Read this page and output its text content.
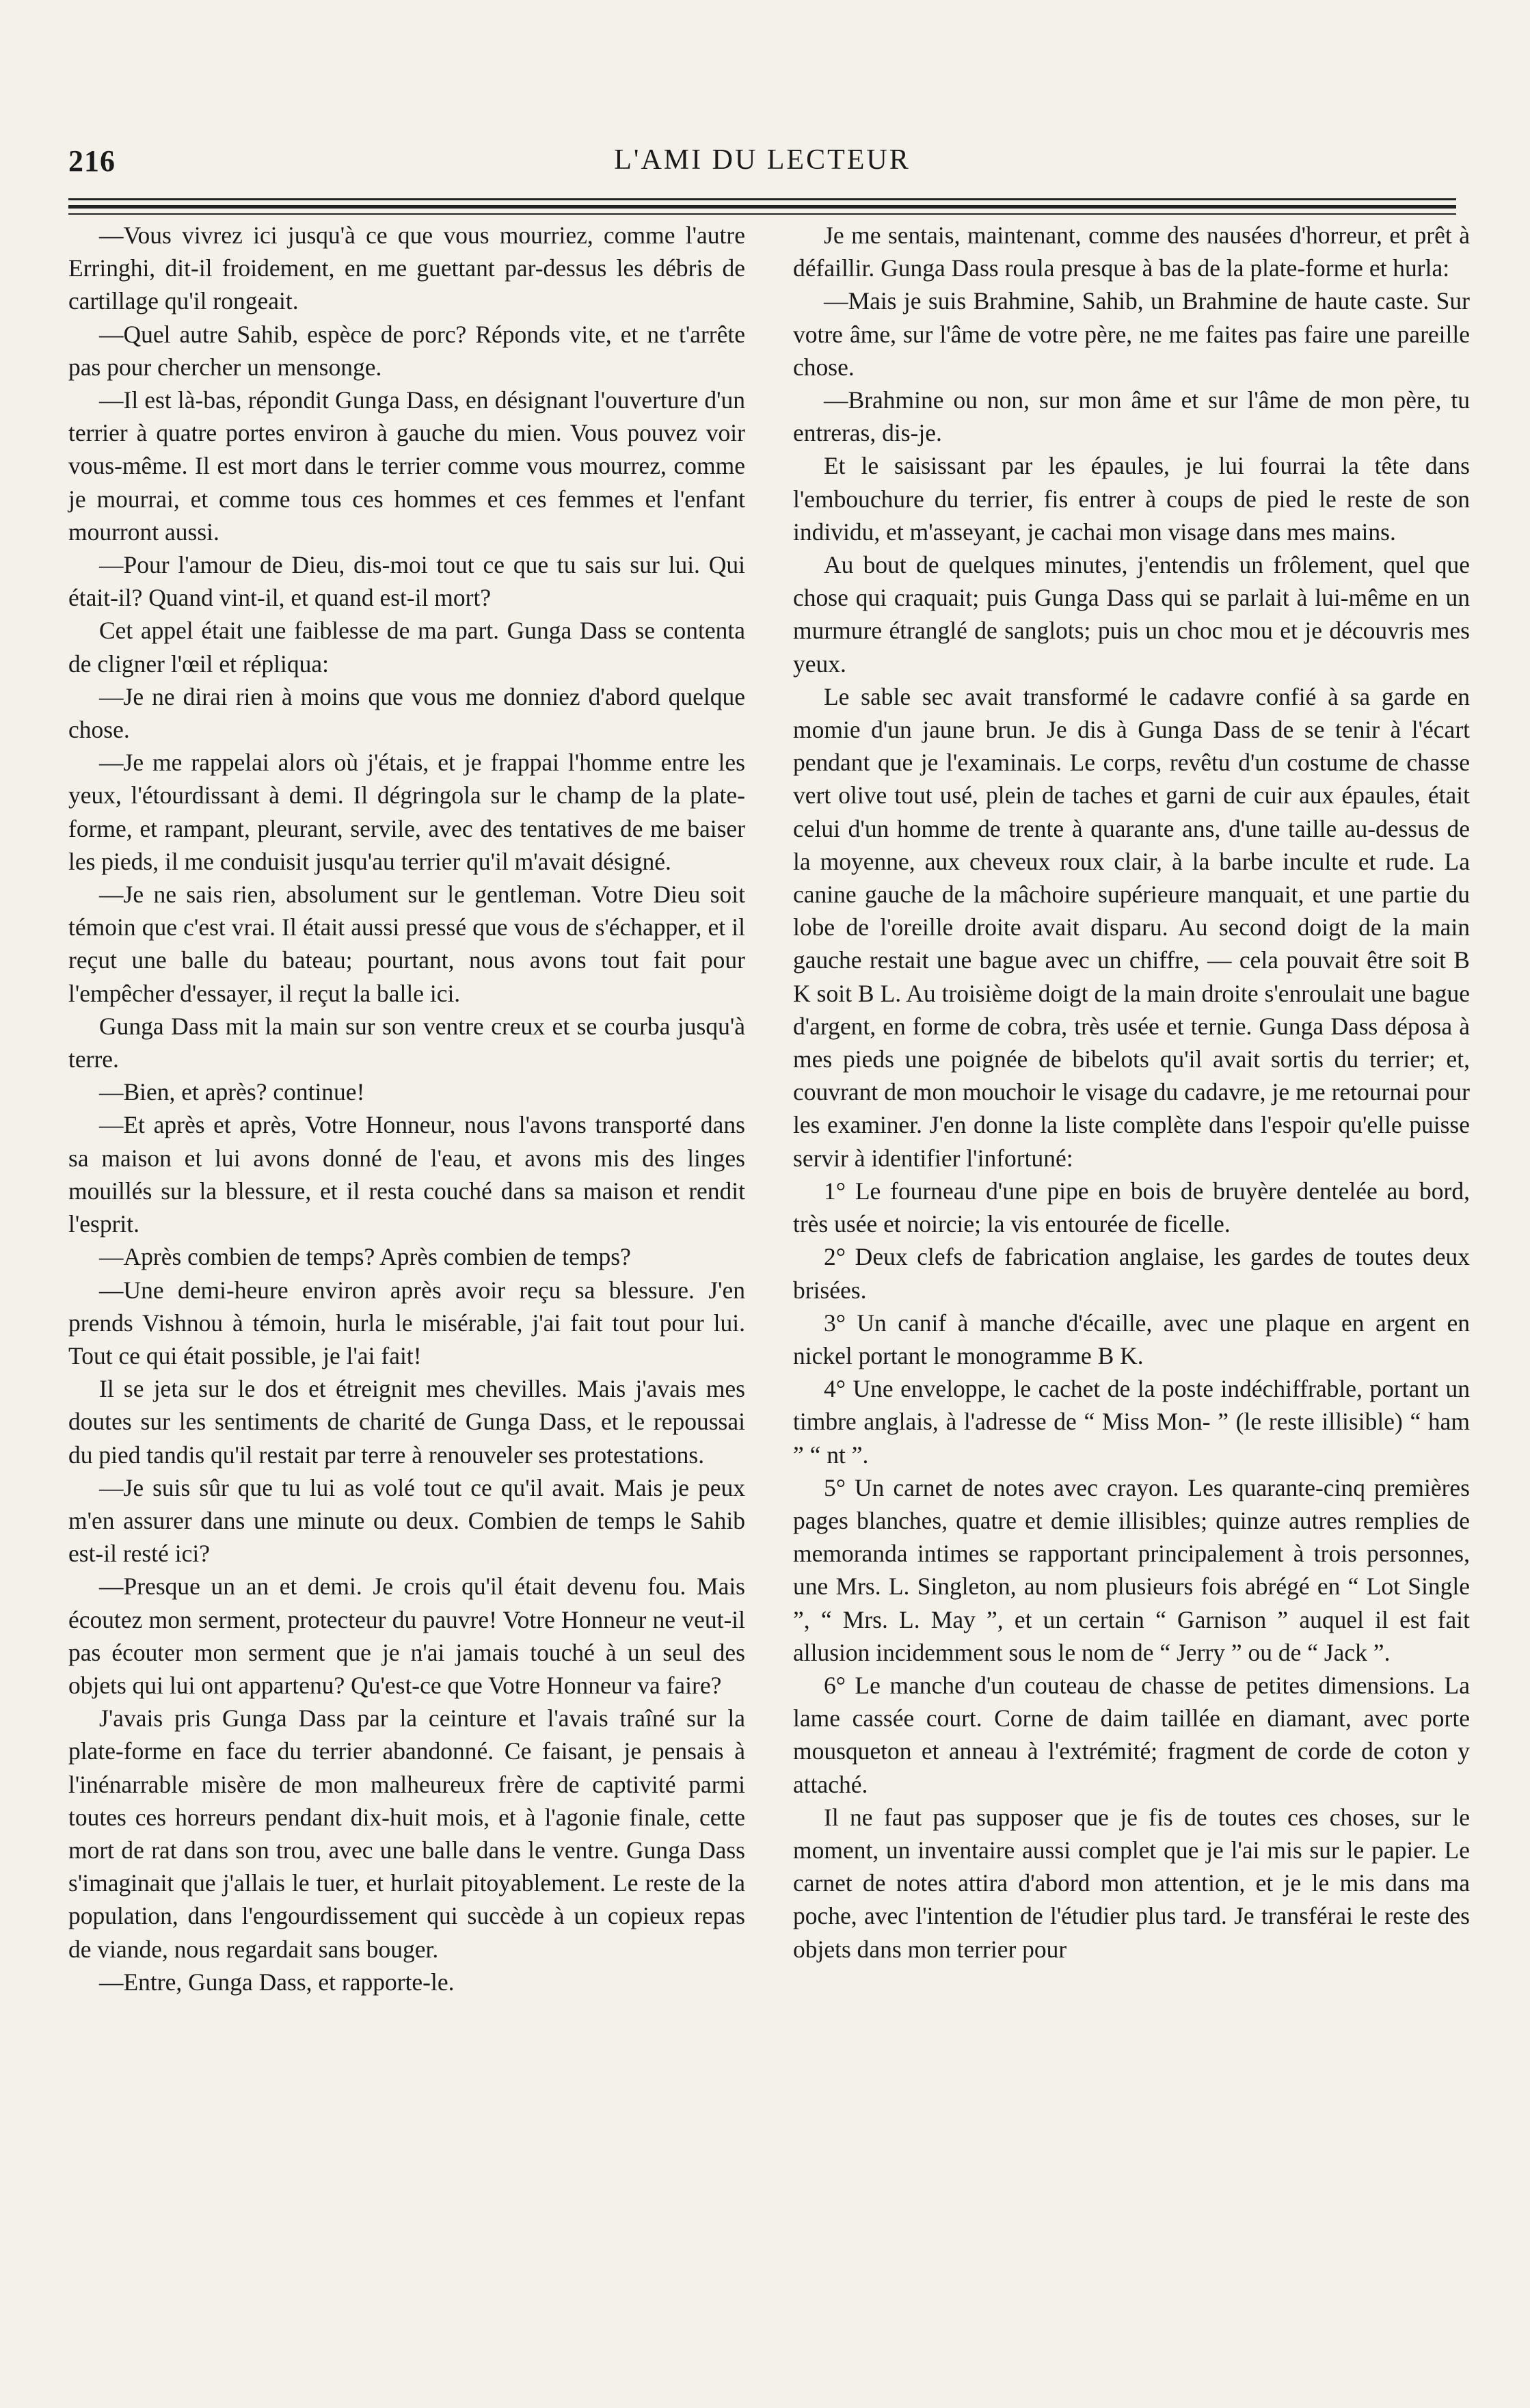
216	L'AMI DU LECTEUR

—Vous vivrez ici jusqu'à ce que vous mourriez, comme l'autre Erringhi, dit-il froidement, en me guettant par-dessus les débris de cartillage qu'il rongeait.

—Quel autre Sahib, espèce de porc? Réponds vite, et ne t'arrête pas pour chercher un mensonge.

—Il est là-bas, répondit Gunga Dass, en désignant l'ouverture d'un terrier à quatre portes environ à gauche du mien. Vous pouvez voir vous-même. Il est mort dans le terrier comme vous mourrez, comme je mourrai, et comme tous ces hommes et ces femmes et l'enfant mourront aussi.

—Pour l'amour de Dieu, dis-moi tout ce que tu sais sur lui. Qui était-il? Quand vint-il, et quand est-il mort?

Cet appel était une faiblesse de ma part. Gunga Dass se contenta de cligner l'œil et répliqua:

—Je ne dirai rien à moins que vous me donniez d'abord quelque chose.

—Je me rappelai alors où j'étais, et je frappai l'homme entre les yeux, l'étourdissant à demi. Il dégringola sur le champ de la plate-forme, et rampant, pleurant, servile, avec des tentatives de me baiser les pieds, il me conduisit jusqu'au terrier qu'il m'avait désigné.

—Je ne sais rien, absolument sur le gentleman. Votre Dieu soit témoin que c'est vrai. Il était aussi pressé que vous de s'échapper, et il reçut une balle du bateau; pourtant, nous avons tout fait pour l'empêcher d'essayer, il reçut la balle ici.

Gunga Dass mit la main sur son ventre creux et se courba jusqu'à terre.

—Bien, et après? continue!

—Et après et après, Votre Honneur, nous l'avons transporté dans sa maison et lui avons donné de l'eau, et avons mis des linges mouillés sur la blessure, et il resta couché dans sa maison et rendit l'esprit.

—Après combien de temps? Après combien de temps?

—Une demi-heure environ après avoir reçu sa blessure. J'en prends Vishnou à témoin, hurla le misérable, j'ai fait tout pour lui. Tout ce qui était possible, je l'ai fait!

Il se jeta sur le dos et étreignit mes chevilles. Mais j'avais mes doutes sur les sentiments de charité de Gunga Dass, et le repoussai du pied tandis qu'il restait par terre à renouveler ses protestations.

—Je suis sûr que tu lui as volé tout ce qu'il avait. Mais je peux m'en assurer dans une minute ou deux. Combien de temps le Sahib est-il resté ici?

—Presque un an et demi. Je crois qu'il était devenu fou. Mais écoutez mon serment, protecteur du pauvre! Votre Honneur ne veut-il pas écouter mon serment que je n'ai jamais touché à un seul des objets qui lui ont appartenu? Qu'est-ce que Votre Honneur va faire?

J'avais pris Gunga Dass par la ceinture et l'avais traîné sur la plate-forme en face du terrier abandonné. Ce faisant, je pensais à l'inénarrable misère de mon malheureux frère de captivité parmi toutes ces horreurs pendant dix-huit mois, et à l'agonie finale, cette mort de rat dans son trou, avec une balle dans le ventre. Gunga Dass s'imaginait que j'allais le tuer, et hurlait pitoyablement. Le reste de la population, dans l'engourdissement qui succède à un copieux repas de viande, nous regardait sans bouger.

—Entre, Gunga Dass, et rapporte-le.

Je me sentais, maintenant, comme des nausées d'horreur, et prêt à défaillir. Gunga Dass roula presque à bas de la plate-forme et hurla:

—Mais je suis Brahmine, Sahib, un Brahmine de haute caste. Sur votre âme, sur l'âme de votre père, ne me faites pas faire une pareille chose.

—Brahmine ou non, sur mon âme et sur l'âme de mon père, tu entreras, dis-je.

Et le saisissant par les épaules, je lui fourrai la tête dans l'embouchure du terrier, fis entrer à coups de pied le reste de son individu, et m'asseyant, je cachai mon visage dans mes mains.

Au bout de quelques minutes, j'entendis un frôlement, quel que chose qui craquait; puis Gunga Dass qui se parlait à lui-même en un murmure étranglé de sanglots; puis un choc mou et je découvris mes yeux.

Le sable sec avait transformé le cadavre confié à sa garde en momie d'un jaune brun. Je dis à Gunga Dass de se tenir à l'écart pendant que je l'examinais. Le corps, revêtu d'un costume de chasse vert olive tout usé, plein de taches et garni de cuir aux épaules, était celui d'un homme de trente à quarante ans, d'une taille au-dessus de la moyenne, aux cheveux roux clair, à la barbe inculte et rude. La canine gauche de la mâchoire supérieure manquait, et une partie du lobe de l'oreille droite avait disparu. Au second doigt de la main gauche restait une bague avec un chiffre, — cela pouvait être soit B K soit B L. Au troisième doigt de la main droite s'enroulait une bague d'argent, en forme de cobra, très usée et ternie. Gunga Dass déposa à mes pieds une poignée de bibelots qu'il avait sortis du terrier; et, couvrant de mon mouchoir le visage du cadavre, je me retournai pour les examiner. J'en donne la liste complète dans l'espoir qu'elle puisse servir à identifier l'infortuné:

1° Le fourneau d'une pipe en bois de bruyère dentelée au bord, très usée et noircie; la vis entourée de ficelle.

2° Deux clefs de fabrication anglaise, les gardes de toutes deux brisées.

3° Un canif à manche d'écaille, avec une plaque en argent en nickel portant le monogramme B K.

4° Une enveloppe, le cachet de la poste indéchiffrable, portant un timbre anglais, à l'adresse de “ Miss Mon- ” (le reste illisible) “ ham ” “ nt ”.

5° Un carnet de notes avec crayon. Les quarante-cinq premières pages blanches, quatre et demie illisibles; quinze autres remplies de memoranda intimes se rapportant principalement à trois personnes, une Mrs. L. Singleton, au nom plusieurs fois abrégé en “ Lot Single ”, “ Mrs. L. May ”, et un certain “ Garnison ” auquel il est fait allusion incidemment sous le nom de “ Jerry ” ou de “ Jack ”.

6° Le manche d'un couteau de chasse de petites dimensions. La lame cassée court. Corne de daim taillée en diamant, avec porte mousqueton et anneau à l'extrémité; fragment de corde de coton y attaché.

Il ne faut pas supposer que je fis de toutes ces choses, sur le moment, un inventaire aussi complet que je l'ai mis sur le papier. Le carnet de notes attira d'abord mon attention, et je le mis dans ma poche, avec l'intention de l'étudier plus tard. Je transférai le reste des objets dans mon terrier pour
